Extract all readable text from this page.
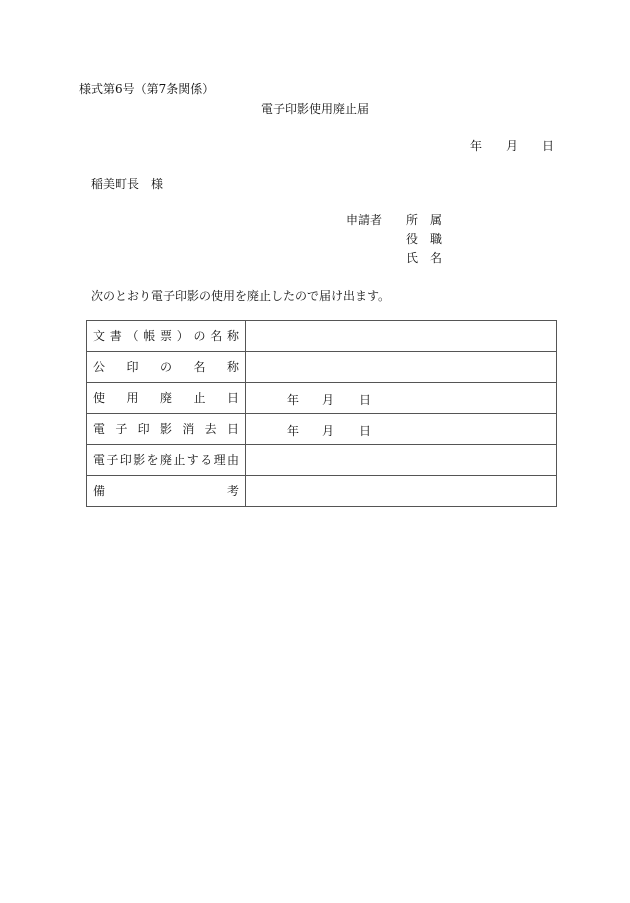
様式第6号（第7条関係）
電子印影使用廃止届
年 月 日
稲美町長　様
申請者 所 属
役 職
氏 名
次のとおり電子印影の使用を廃止したので届け出ます。
文書（帳票）の名称	

公印の名称	

使用廃止日	年 月 日

電子印影消去日	年 月 日

電子印影を廃止する理由	

備考	
